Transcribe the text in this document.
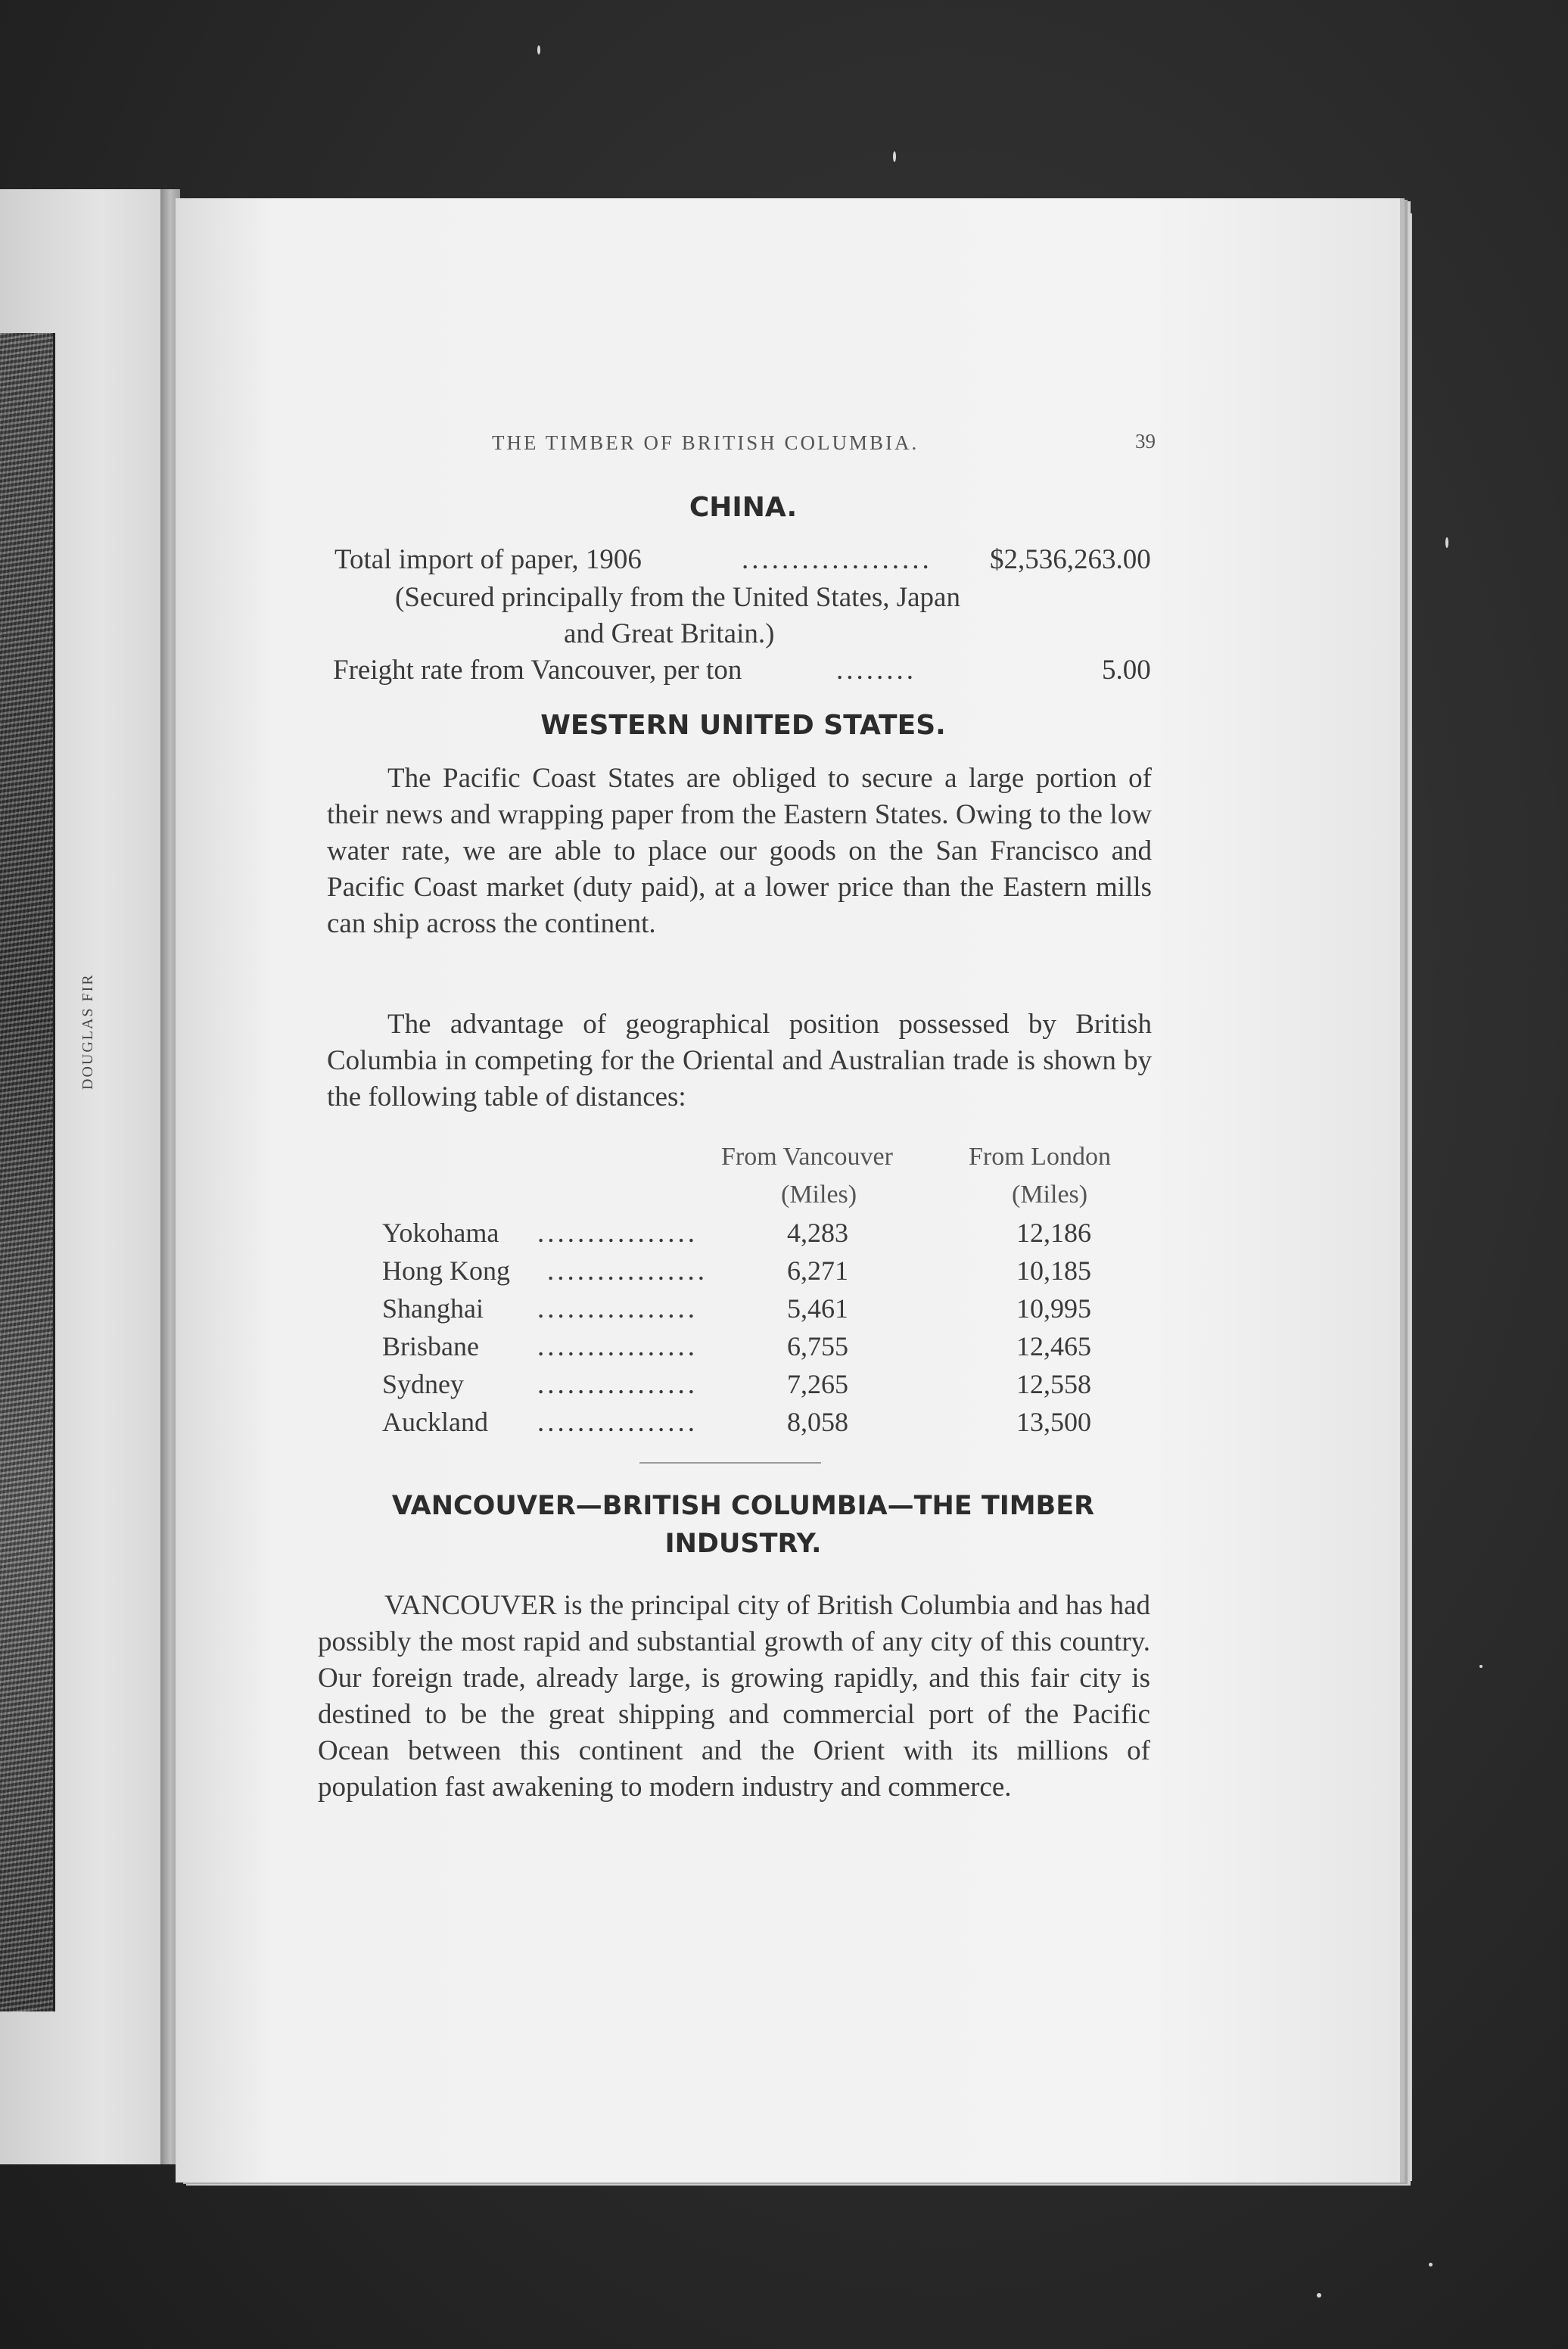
DOUGLAS FIR
THE TIMBER OF BRITISH COLUMBIA.	39
CHINA.
Total import of paper, 1906	................... $2,536,263.00
(Secured principally from the United States, Japan
and Great Britain.)
Freight rate from Vancouver, per ton	........	5.00
WESTERN UNITED STATES.
The Pacific Coast States are obliged to secure a large portion of their news and wrapping paper from the Eastern States. Owing to the low water rate, we are able to place our goods on the San Francisco and Pacific Coast market (duty paid), at a lower price than the Eastern mills can ship across the continent.
The advantage of geographical position possessed by British Columbia in competing for the Oriental and Australian trade is shown by the following table of distances:
From Vancouver
(Miles)
From London
(Miles)
Yokohama ................	4,283	12,186
Hong Kong ................	6,271	10,185
Shanghai ................	5,461	10,995
Brisbane ................	6,755	12,465
Sydney	................	7,265	12,558
Auckland ................	8,058	13,500
VANCOUVER—BRITISH COLUMBIA—THE TIMBER
INDUSTRY.
VANCOUVER is the principal city of British Columbia and has had possibly the most rapid and substantial growth of any city of this country. Our foreign trade, already large, is growing rapidly, and this fair city is destined to be the great shipping and commercial port of the Pacific Ocean between this continent and the Orient with its millions of population fast awakening to modern industry and commerce.
